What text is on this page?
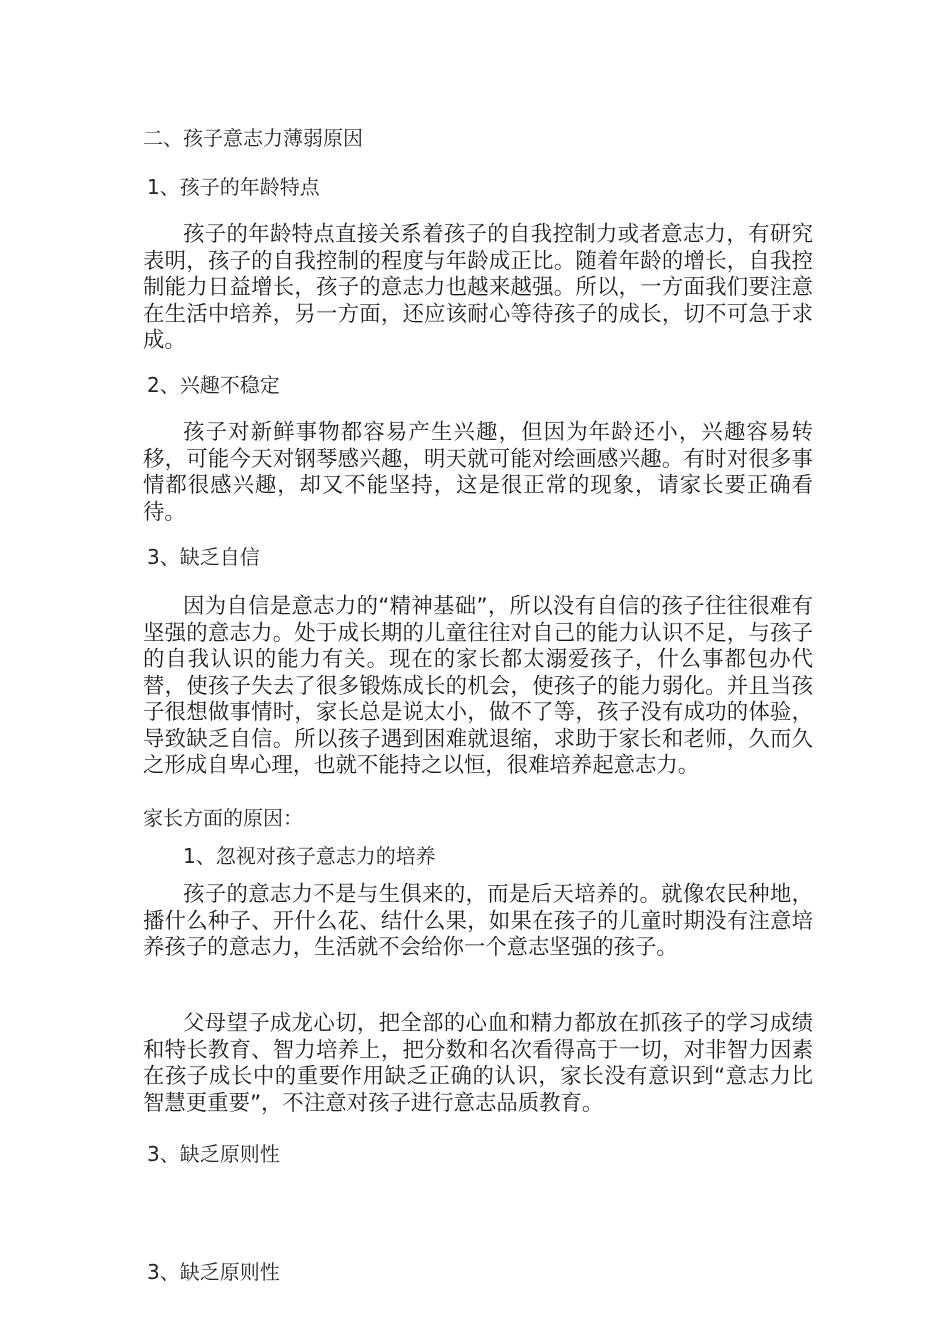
二、孩子意志力薄弱原因
1、孩子的年龄特点
孩子的年龄特点直接关系着孩子的自我控制力或者意志力，有研究表明，孩子的自我控制的程度与年龄成正比。随着年龄的增长，自我控制能力日益增长，孩子的意志力也越来越强。所以，一方面我们要注意在生活中培养，另一方面，还应该耐心等待孩子的成长，切不可急于求成。
2、兴趣不稳定
孩子对新鲜事物都容易产生兴趣，但因为年龄还小，兴趣容易转移，可能今天对钢琴感兴趣，明天就可能对绘画感兴趣。有时对很多事情都很感兴趣，却又不能坚持，这是很正常的现象，请家长要正确看待。
3、缺乏自信
因为自信是意志力的“精神基础”，所以没有自信的孩子往往很难有坚强的意志力。处于成长期的儿童往往对自己的能力认识不足，与孩子的自我认识的能力有关。现在的家长都太溺爱孩子，什么事都包办代替，使孩子失去了很多锻炼成长的机会，使孩子的能力弱化。并且当孩子很想做事情时，家长总是说太小，做不了等，孩子没有成功的体验，导致缺乏自信。所以孩子遇到困难就退缩，求助于家长和老师，久而久之形成自卑心理，也就不能持之以恒，很难培养起意志力。
家长方面的原因：
1、忽视对孩子意志力的培养
孩子的意志力不是与生俱来的，而是后天培养的。就像农民种地，播什么种子、开什么花、结什么果，如果在孩子的儿童时期没有注意培养孩子的意志力，生活就不会给你一个意志坚强的孩子。
父母望子成龙心切，把全部的心血和精力都放在抓孩子的学习成绩和特长教育、智力培养上，把分数和名次看得高于一切，对非智力因素在孩子成长中的重要作用缺乏正确的认识，家长没有意识到“意志力比智慧更重要”，不注意对孩子进行意志品质教育。
3、缺乏原则性
3、缺乏原则性
